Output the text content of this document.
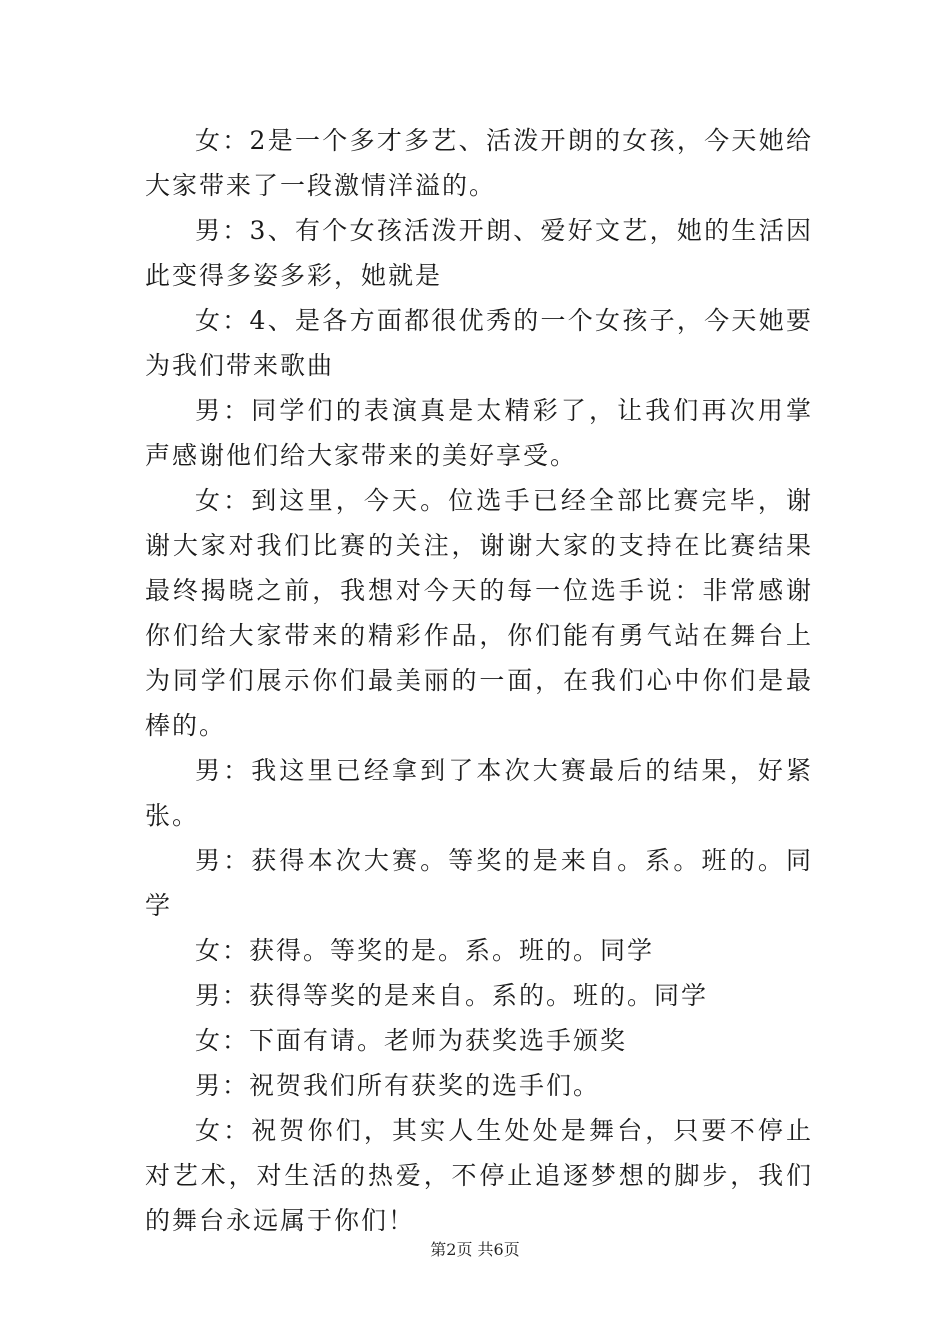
女：2是一个多才多艺、活泼开朗的女孩，今天她给大家带来了一段激情洋溢的。

男：3、有个女孩活泼开朗、爱好文艺，她的生活因此变得多姿多彩，她就是

女：4、是各方面都很优秀的一个女孩子，今天她要为我们带来歌曲

男：同学们的表演真是太精彩了，让我们再次用掌声感谢他们给大家带来的美好享受。

女：到这里，今天。位选手已经全部比赛完毕，谢谢大家对我们比赛的关注，谢谢大家的支持在比赛结果最终揭晓之前，我想对今天的每一位选手说：非常感谢你们给大家带来的精彩作品，你们能有勇气站在舞台上为同学们展示你们最美丽的一面，在我们心中你们是最棒的。

男：我这里已经拿到了本次大赛最后的结果，好紧张。

男：获得本次大赛。等奖的是来自。系。班的。同学

女：获得。等奖的是。系。班的。同学

男：获得等奖的是来自。系的。班的。同学

女：下面有请。老师为获奖选手颁奖

男：祝贺我们所有获奖的选手们。

女：祝贺你们，其实人生处处是舞台，只要不停止对艺术，对生活的热爱，不停止追逐梦想的脚步，我们的舞台永远属于你们！

第2页 共6页
